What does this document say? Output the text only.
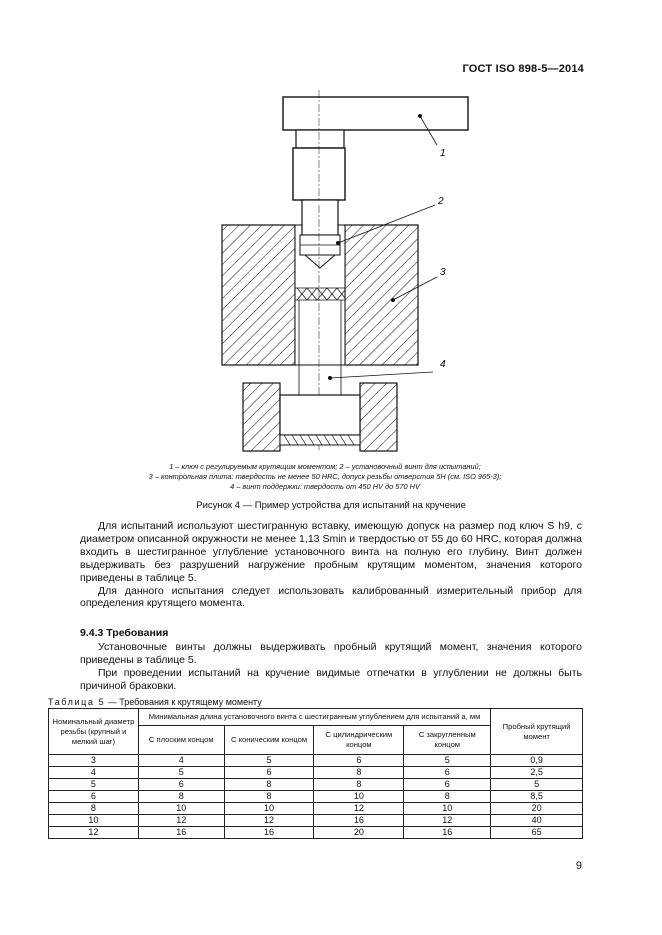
ГОСТ ISO 898-5—2014
1
2
3
4
1 – ключ с регулируемым крутящим моментом; 2 – установочный винт для испытаний;
3 – контрольная плита: твердость не менее 50 HRC, допуск резьбы отверстия 5H (см. ISO 965-3);
4 – винт поддержки: твердость от 450 HV до 570 HV
Рисунок 4 — Пример устройства для испытаний на кручение

Для испытаний используют шестигранную вставку, имеющую допуск на размер под ключ S h9, с диаметром описанной окружности не менее 1,13 Smin и твердостью от 55 до 60 HRC, которая должна входить в шестигранное углубление установочного винта на полную его глубину. Винт должен выдерживать без разрушений нагружение пробным крутящим моментом, значения которого приведены в таблице 5.

Для данного испытания следует использовать калиброванный измерительный прибор для определения крутящего момента.

9.4.3 Требования

Установочные винты должны выдерживать пробный крутящий момент, значения которого приведены в таблице 5.

При проведении испытаний на кручение видимые отпечатки в углублении не должны быть причиной браковки.

Таблица 5 — Требования к крутящему моменту
Номинальный диаметр резьбы (крупный и мелкий шаг)	Минимальная длина установочного винта с шестигранным углублением для испытаний a, мм				Пробный крутящий момент
	С плоским концом	С коническим концом	С цилиндрическим концом	С закругленным концом	
3	4	5	6	5	0,9
4	5	6	8	6	2,5
5	6	8	8	6	5
6	8	8	10	8	8,5
8	10	10	12	10	20
10	12	12	16	12	40
12	16	16	20	16	65
9
